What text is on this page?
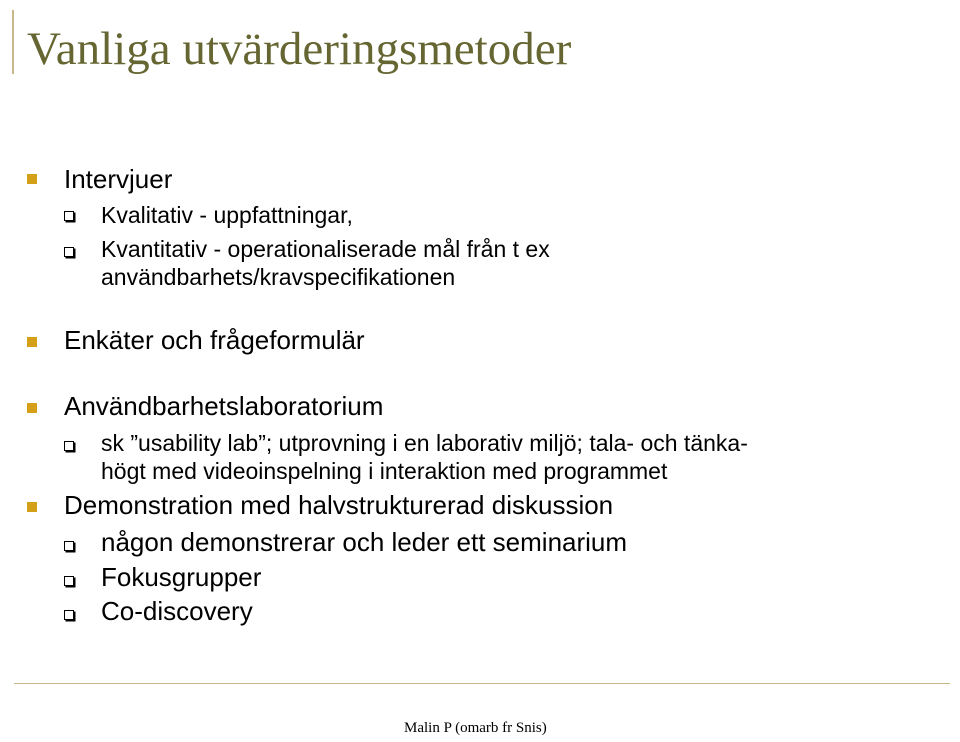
Vanliga utvärderingsmetoder
Intervjuer
Kvalitativ - uppfattningar,
Kvantitativ - operationaliserade mål från t ex
användbarhets/kravspecifikationen
Enkäter och frågeformulär
Användbarhetslaboratorium
sk ”usability lab”; utprovning i en laborativ miljö; tala- och tänka-
högt med videoinspelning i interaktion med programmet
Demonstration med halvstrukturerad diskussion
någon demonstrerar och leder ett seminarium
Fokusgrupper
Co-discovery
Malin P (omarb fr Snis)
